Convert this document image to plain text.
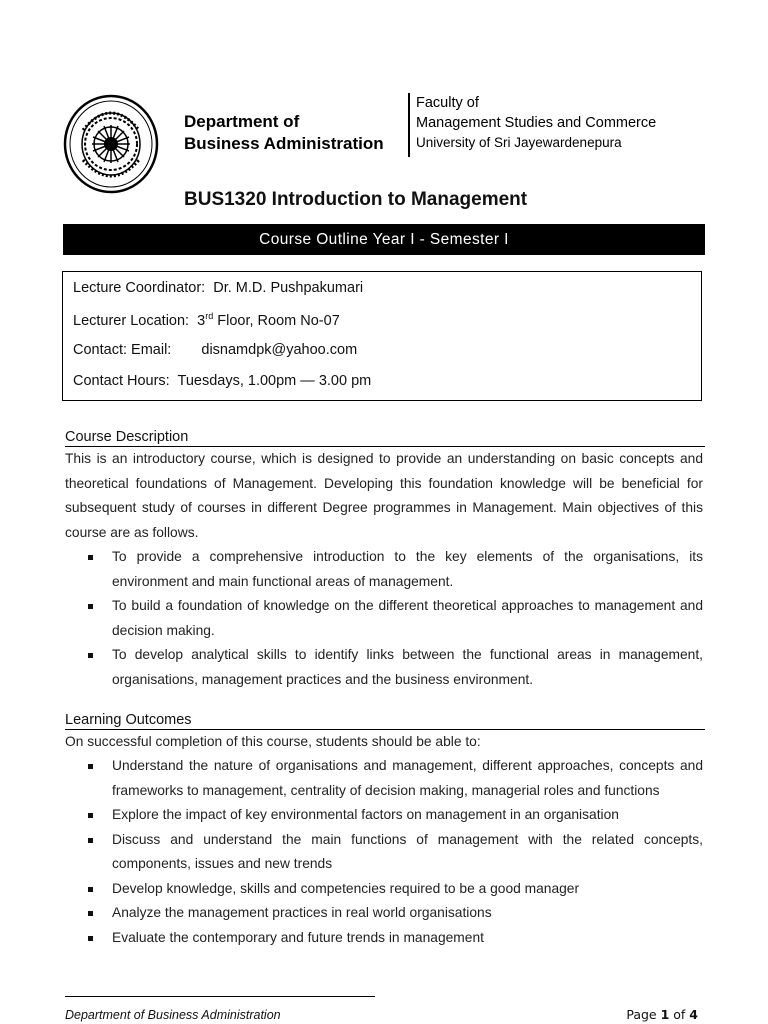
Department of
Business Administration
Faculty of
Management Studies and Commerce
University of Sri Jayewardenepura
BUS1320 Introduction to Management
Course Outline Year I - Semester I
Lecture Coordinator: Dr. M.D. Pushpakumari
Lecturer Location: 3rd Floor, Room No-07
Contact: Email: disnamdpk@yahoo.com
Contact Hours: Tuesdays, 1.00pm — 3.00 pm
Course Description
This is an introductory course, which is designed to provide an understanding on basic concepts and theoretical foundations of Management. Developing this foundation knowledge will be beneficial for subsequent study of courses in different Degree programmes in Management. Main objectives of this course are as follows.
To provide a comprehensive introduction to the key elements of the organisations, its environment and main functional areas of management.
To build a foundation of knowledge on the different theoretical approaches to management and decision making.
To develop analytical skills to identify links between the functional areas in management, organisations, management practices and the business environment.
Learning Outcomes
On successful completion of this course, students should be able to:
Understand the nature of organisations and management, different approaches, concepts and frameworks to management, centrality of decision making, managerial roles and functions
Explore the impact of key environmental factors on management in an organisation
Discuss and understand the main functions of management with the related concepts, components, issues and new trends
Develop knowledge, skills and competencies required to be a good manager
Analyze the management practices in real world organisations
Evaluate the contemporary and future trends in management
Department of Business Administration	Page 1 of 4
